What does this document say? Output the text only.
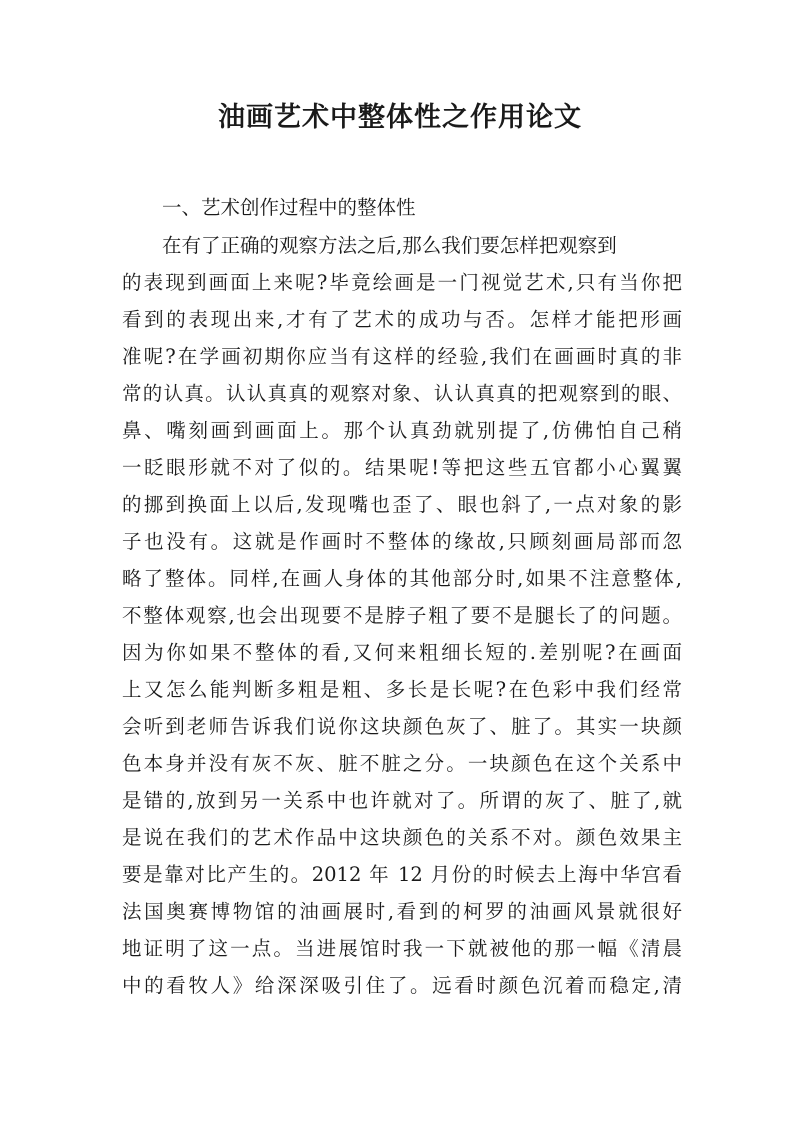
油画艺术中整体性之作用论文
一、艺术创作过程中的整体性
在有了正确的观察方法之后,那么我们要怎样把观察到
的表现到画面上来呢?毕竟绘画是一门视觉艺术,只有当你把
看到的表现出来,才有了艺术的成功与否。怎样才能把形画
准呢?在学画初期你应当有这样的经验,我们在画画时真的非
常的认真。认认真真的观察对象、认认真真的把观察到的眼、
鼻、嘴刻画到画面上。那个认真劲就别提了,仿佛怕自己稍
一眨眼形就不对了似的。结果呢!等把这些五官都小心翼翼
的挪到换面上以后,发现嘴也歪了、眼也斜了,一点对象的影
子也没有。这就是作画时不整体的缘故,只顾刻画局部而忽
略了整体。同样,在画人身体的其他部分时,如果不注意整体,
不整体观察,也会出现要不是脖子粗了要不是腿长了的问题。
因为你如果不整体的看,又何来粗细长短的.差别呢?在画面
上又怎么能判断多粗是粗、多长是长呢?在色彩中我们经常
会听到老师告诉我们说你这块颜色灰了、脏了。其实一块颜
色本身并没有灰不灰、脏不脏之分。一块颜色在这个关系中
是错的,放到另一关系中也许就对了。所谓的灰了、脏了,就
是说在我们的艺术作品中这块颜色的关系不对。颜色效果主
要是靠对比产生的。2012 年 12 月份的时候去上海中华宫看
法国奥赛博物馆的油画展时,看到的柯罗的油画风景就很好
地证明了这一点。当进展馆时我一下就被他的那一幅《清晨
中的看牧人》给深深吸引住了。远看时颜色沉着而稳定,清
